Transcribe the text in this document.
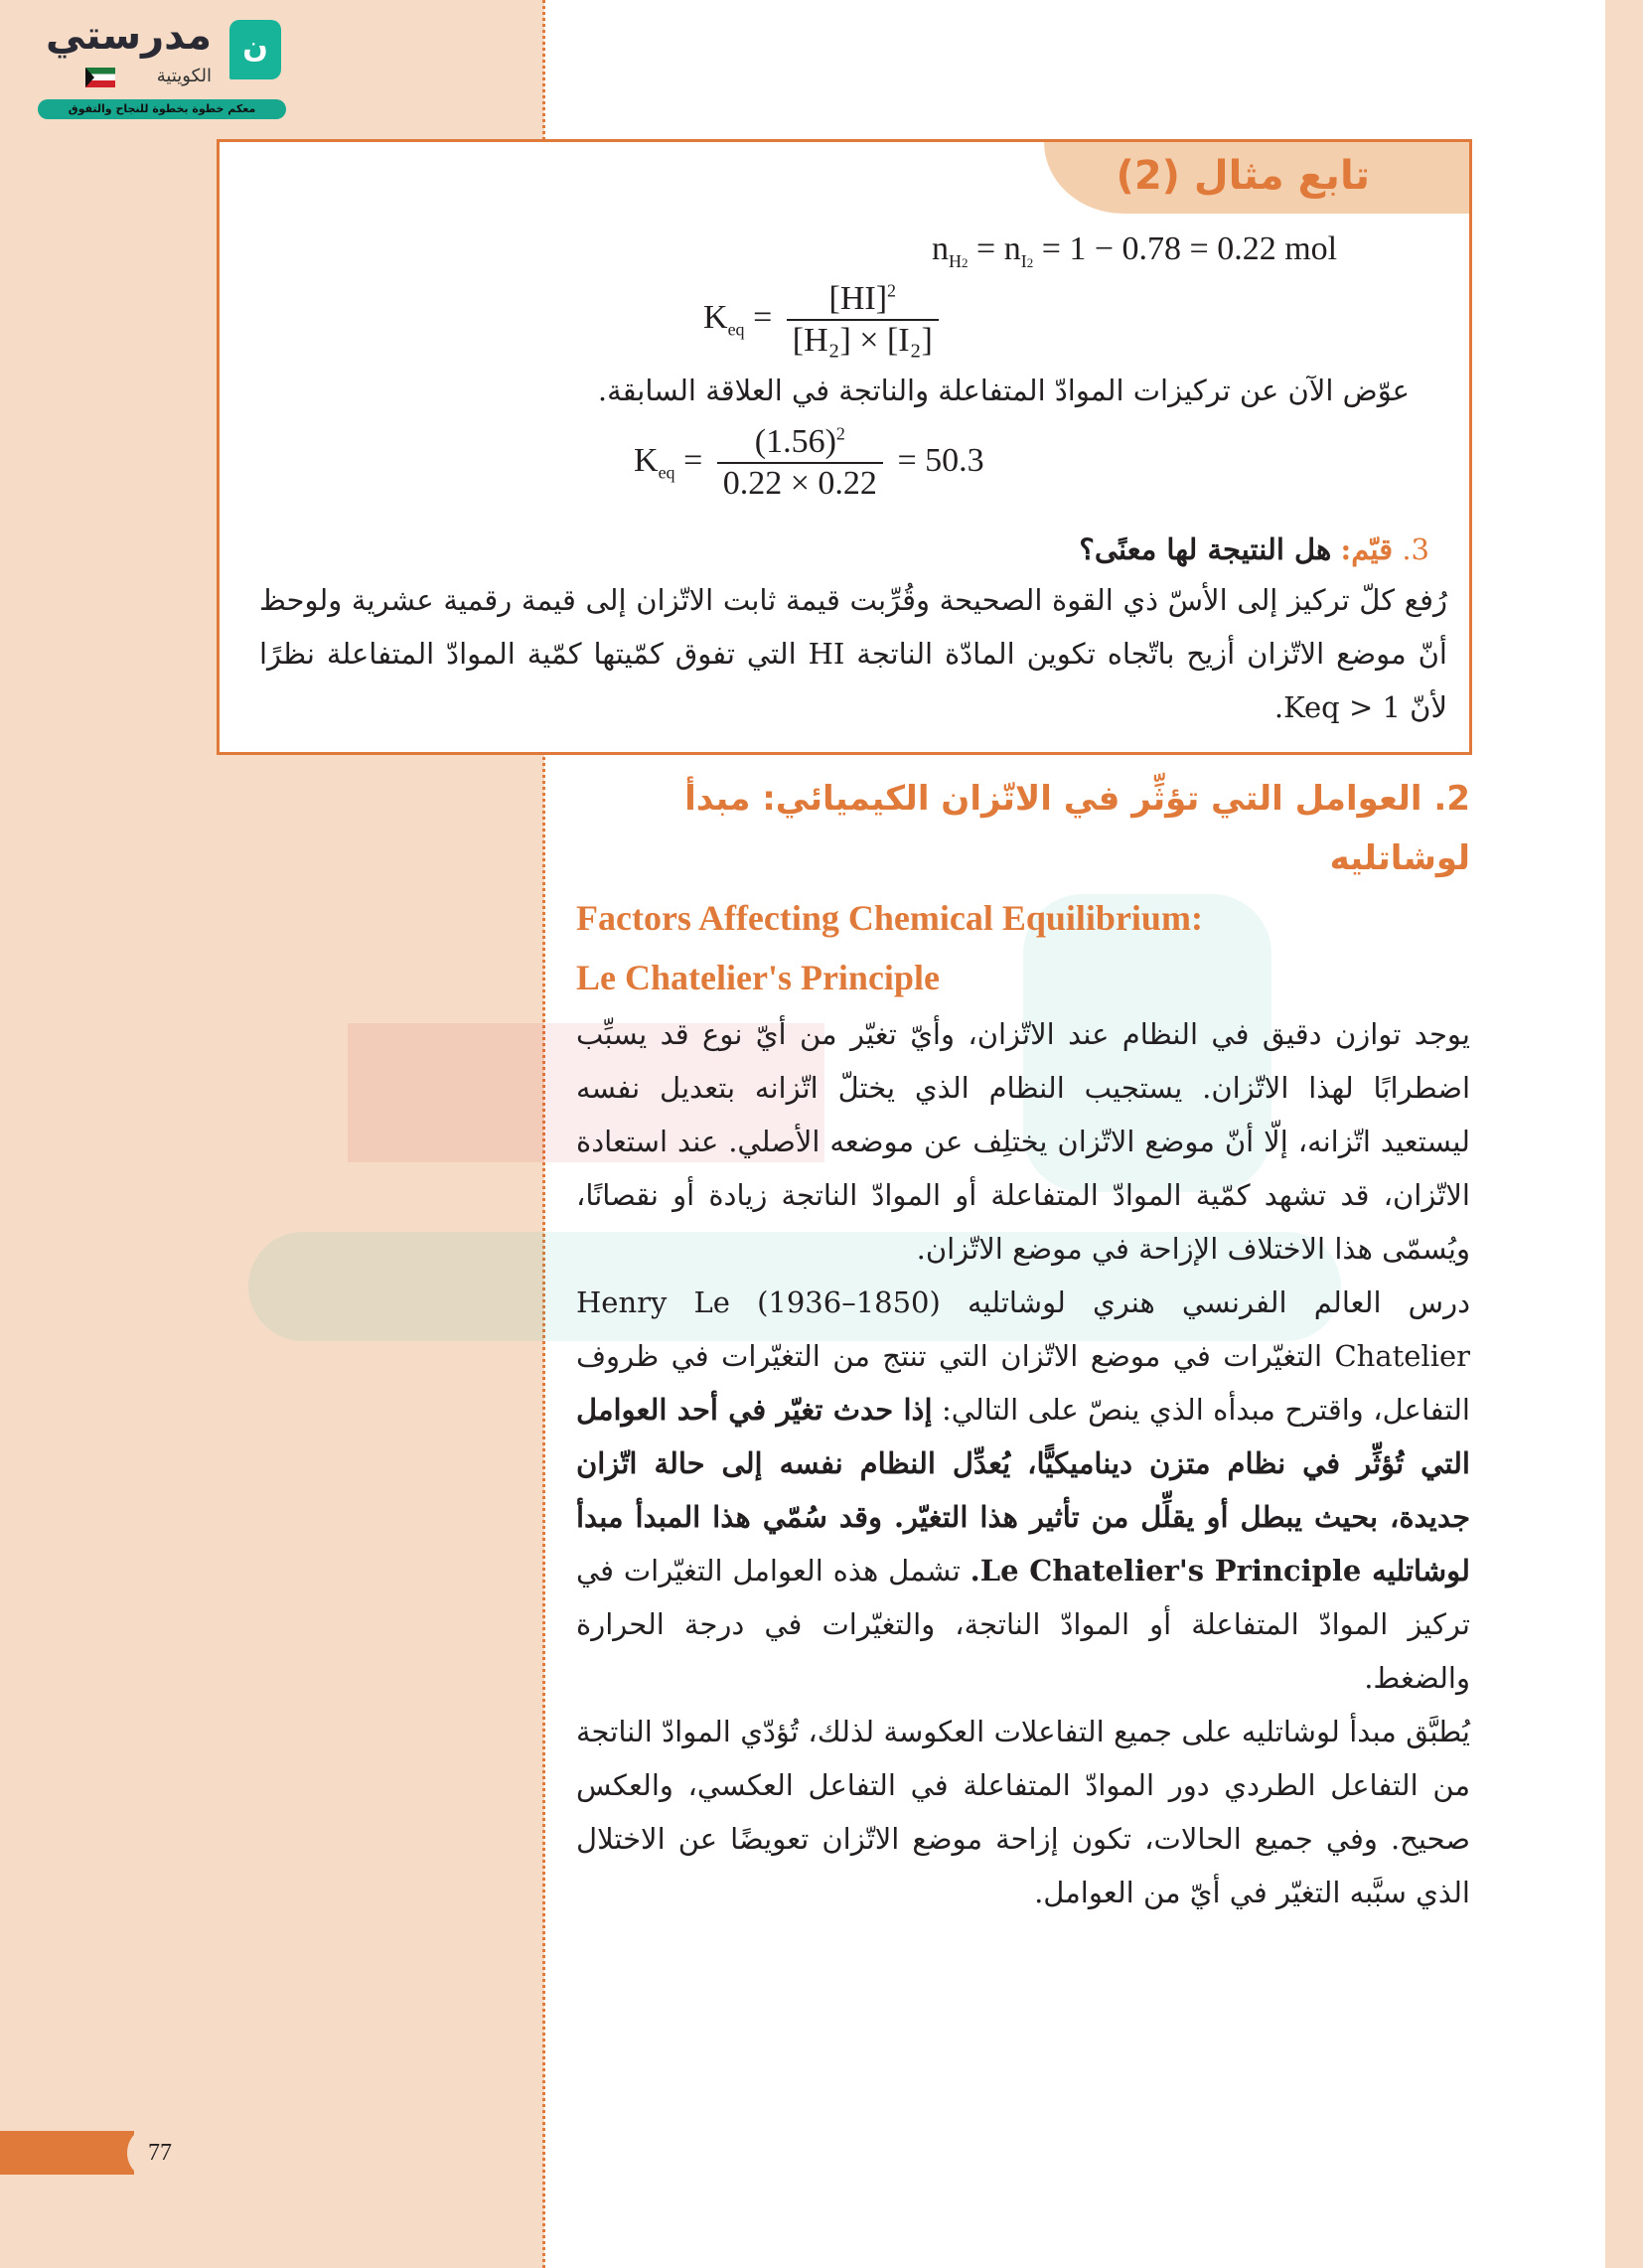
ن
مدرستي
الكويتية
معكم خطوة بخطوة للنجاح والتفوق
تابع مثال (2)
$n_{H2} = n_{I2} = 1 - 0.78 = 0.22$ mol
$K_{eq} = \frac{[HI]^2}{\text{[H₂] × [I₂]}}$
عوّض الآن عن تركيزات الموادّ المتفاعلة والناتجة في العلاقة السابقة.
$K_{eq} = \frac{(1.56)^2}{0.22 \times 0.22} = 50.3$
3. قيّم: هل النتيجة لها معنًى؟
رُفع كلّ تركيز إلى الأسّ ذي القوة الصحيحة وقُرِّبت قيمة ثابت الاتّزان إلى قيمة رقمية عشرية ولوحظ أنّ موضع الاتّزان أزيح باتّجاه تكوين المادّة الناتجة HI التي تفوق كمّيتها كمّية الموادّ المتفاعلة نظرًا لأنّ 1 < Keq.
2. العوامل التي تؤثِّر في الاتّزان الكيميائي: مبدأ لوشاتليه
Factors Affecting Chemical Equilibrium:
Le Chatelier's Principle

يوجد توازن دقيق في النظام عند الاتّزان، وأيّ تغيّر من أيّ نوع قد يسبِّب اضطرابًا لهذا الاتّزان. يستجيب النظام الذي يختلّ اتّزانه بتعديل نفسه ليستعيد اتّزانه، إلّا أنّ موضع الاتّزان يختلِف عن موضعه الأصلي. عند استعادة الاتّزان، قد تشهد كمّية الموادّ المتفاعلة أو الموادّ الناتجة زيادة أو نقصانًا، ويُسمّى هذا الاختلاف الإزاحة في موضع الاتّزان.

درس العالم الفرنسي هنري لوشاتليه (1850–1936) Henry Le Chatelier التغيّرات في موضع الاتّزان التي تنتج من التغيّرات في ظروف التفاعل، واقترح مبدأه الذي ينصّ على التالي: إذا حدث تغيّر في أحد العوامل التي تُؤثِّر في نظام متزن ديناميكيًّا، يُعدِّل النظام نفسه إلى حالة اتّزان جديدة، بحيث يبطل أو يقلِّل من تأثير هذا التغيّر. وقد سُمّي هذا المبدأ مبدأ لوشاتليه Le Chatelier's Principle. تشمل هذه العوامل التغيّرات في تركيز الموادّ المتفاعلة أو الموادّ الناتجة، والتغيّرات في درجة الحرارة والضغط.

يُطبَّق مبدأ لوشاتليه على جميع التفاعلات العكوسة لذلك، تُؤدّي الموادّ الناتجة من التفاعل الطردي دور الموادّ المتفاعلة في التفاعل العكسي، والعكس صحيح. وفي جميع الحالات، تكون إزاحة موضع الاتّزان تعويضًا عن الاختلال الذي سبَّبه التغيّر في أيّ من العوامل.

77
